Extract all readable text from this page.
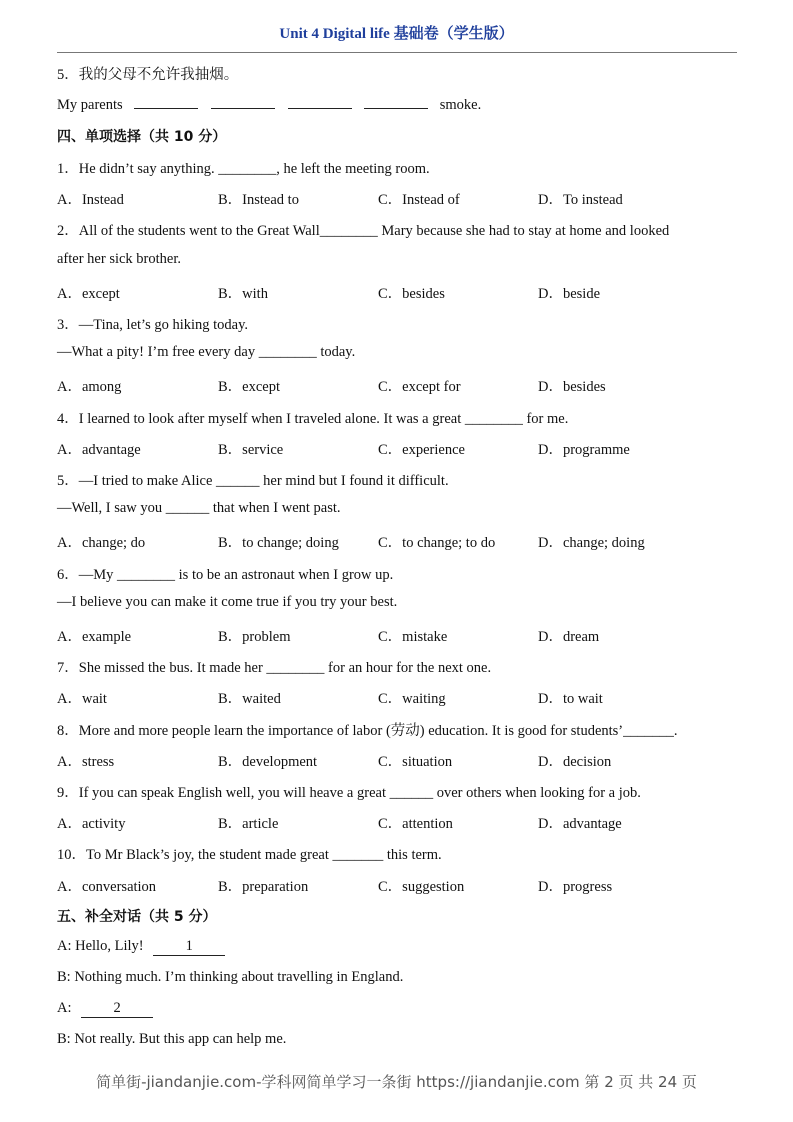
Unit 4 Digital life 基础卷（学生版）
5．我的父母不允许我抽烟。
My parents	smoke.
四、单项选择（共 10 分）
1．He didn’t say anything. ________, he left the meeting room.
A．Instead	B．Instead to	C．Instead of	D．To instead
2．All of the students went to the Great Wall________ Mary because she had to stay at home and looked
after her sick brother.
A．except	B．with	C．besides	D．beside
3．—Tina, let’s go hiking today.
—What a pity! I’m free every day ________ today.
A．among	B．except	C．except for	D．besides
4．I learned to look after myself when I traveled alone. It was a great ________ for me.
A．advantage	B．service	C．experience	D．programme
5．—I tried to make Alice ______ her mind but I found it difficult.
—Well, I saw you ______ that when I went past.
A．change; do	B．to change; doing	C．to change; to do	D．change; doing
6．—My ________ is to be an astronaut when I grow up.
—I believe you can make it come true if you try your best.
A．example	B．problem	C．mistake	D．dream
7．She missed the bus. It made her ________ for an hour for the next one.
A．wait	B．waited	C．waiting	D．to wait
8．More and more people learn the importance of labor (劳动) education. It is good for students’_______.
A．stress	B．development	C．situation	D．decision
9．If you can speak English well, you will heave a great ______ over others when looking for a job.
A．activity	B．article	C．attention	D．advantage
10．To Mr Black’s joy, the student made great _______ this term.
A．conversation	B．preparation	C．suggestion	D．progress
五、补全对话（共 5 分）
A: Hello, Lily!	1
B: Nothing much. I’m thinking about travelling in England.
A:	2
B: Not really. But this app can help me.
简单街-jiandanjie.com-学科网简单学习一条街 https://jiandanjie.com 第 2 页 共 24 页
